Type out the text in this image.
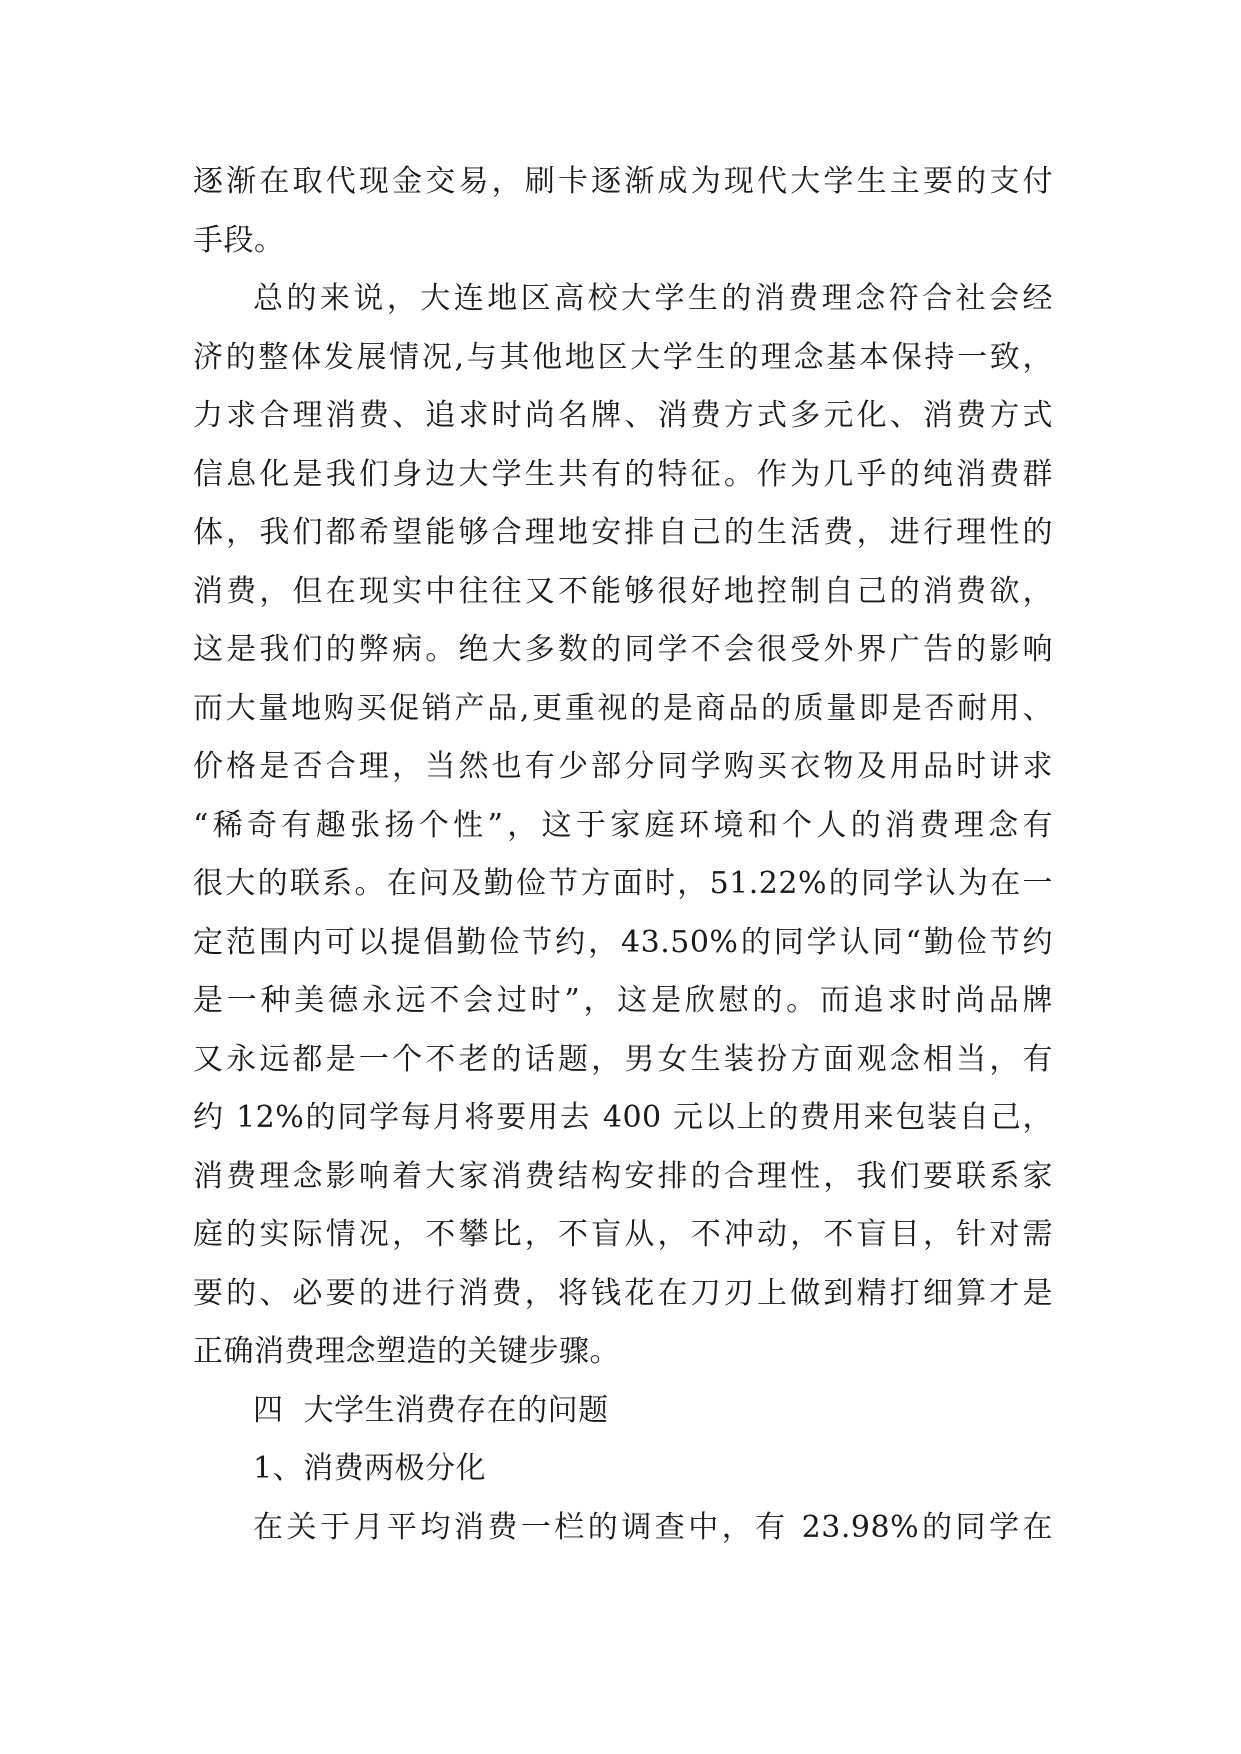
逐渐在取代现金交易，刷卡逐渐成为现代大学生主要的支付
手段。
总的来说，大连地区高校大学生的消费理念符合社会经
济的整体发展情况,与其他地区大学生的理念基本保持一致，
力求合理消费、追求时尚名牌、消费方式多元化、消费方式
信息化是我们身边大学生共有的特征。作为几乎的纯消费群
体，我们都希望能够合理地安排自己的生活费，进行理性的
消费，但在现实中往往又不能够很好地控制自己的消费欲，
这是我们的弊病。绝大多数的同学不会很受外界广告的影响
而大量地购买促销产品,更重视的是商品的质量即是否耐用、
价格是否合理，当然也有少部分同学购买衣物及用品时讲求
“稀奇有趣张扬个性”，这于家庭环境和个人的消费理念有
很大的联系。在问及勤俭节方面时，51.22%的同学认为在一
定范围内可以提倡勤俭节约，43.50%的同学认同“勤俭节约
是一种美德永远不会过时”，这是欣慰的。而追求时尚品牌
又永远都是一个不老的话题，男女生装扮方面观念相当，有
约 12%的同学每月将要用去 400 元以上的费用来包装自己，
消费理念影响着大家消费结构安排的合理性，我们要联系家
庭的实际情况，不攀比，不盲从，不冲动，不盲目，针对需
要的、必要的进行消费，将钱花在刀刃上做到精打细算才是
正确消费理念塑造的关键步骤。
四  大学生消费存在的问题
1、消费两极分化
在关于月平均消费一栏的调查中，有 23.98%的同学在
